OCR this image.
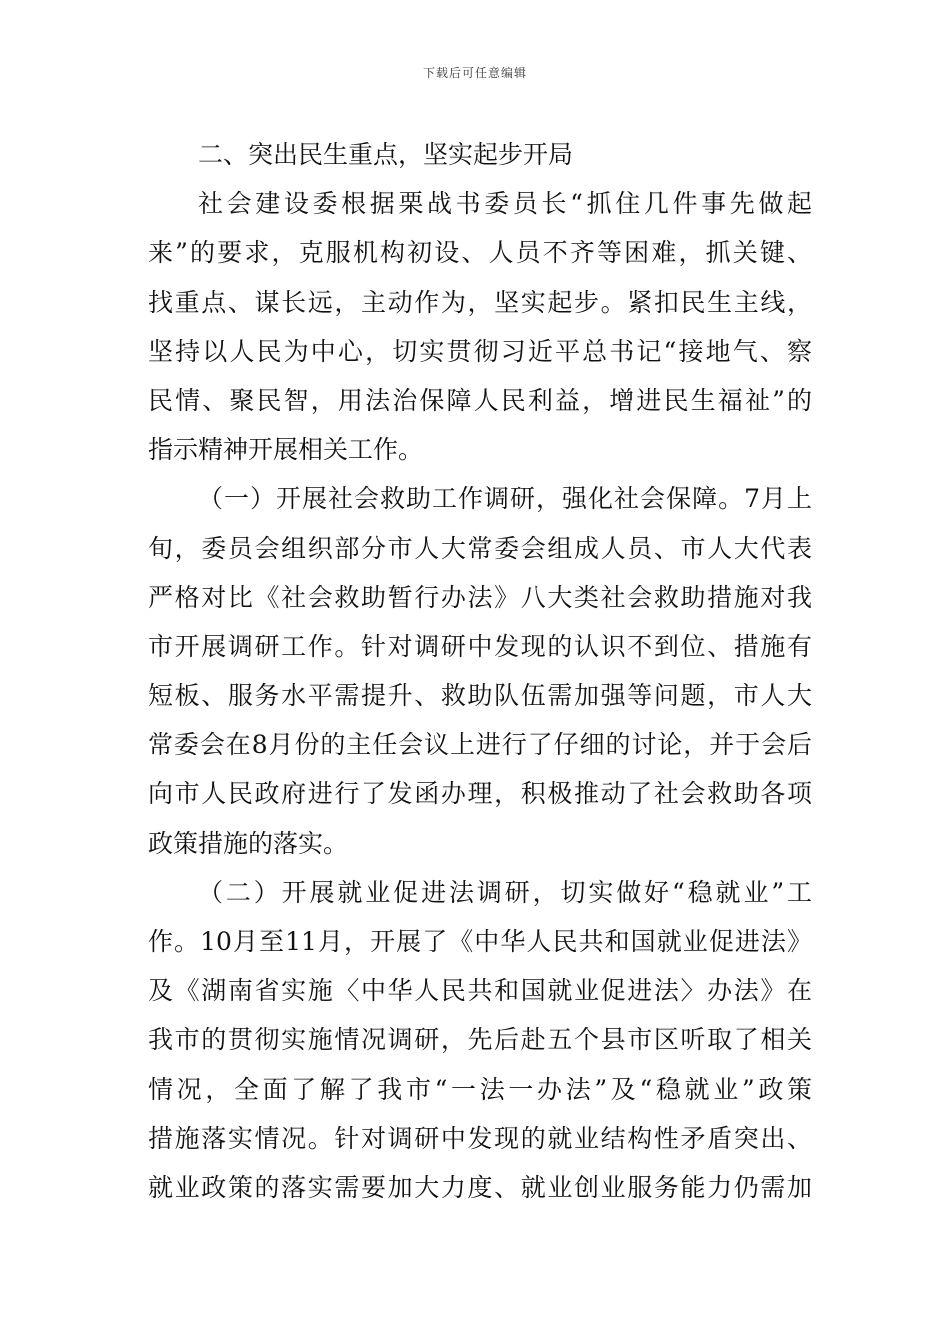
下载后可任意编辑
二、突出民生重点，坚实起步开局
社会建设委根据栗战书委员长“抓住几件事先做起
来”的要求，克服机构初设、人员不齐等困难，抓关键、
找重点、谋长远，主动作为，坚实起步。紧扣民生主线，
坚持以人民为中心，切实贯彻习近平总书记“接地气、察
民情、聚民智，用法治保障人民利益，增进民生福祉”的
指示精神开展相关工作。
（一）开展社会救助工作调研，强化社会保障。7月上
旬，委员会组织部分市人大常委会组成人员、市人大代表
严格对比《社会救助暂行办法》八大类社会救助措施对我
市开展调研工作。针对调研中发现的认识不到位、措施有
短板、服务水平需提升、救助队伍需加强等问题，市人大
常委会在8月份的主任会议上进行了仔细的讨论，并于会后
向市人民政府进行了发函办理，积极推动了社会救助各项
政策措施的落实。
（二）开展就业促进法调研，切实做好“稳就业”工
作。10月至11月，开展了《中华人民共和国就业促进法》
及《湖南省实施〈中华人民共和国就业促进法〉办法》在
我市的贯彻实施情况调研，先后赴五个县市区听取了相关
情况，全面了解了我市“一法一办法”及“稳就业”政策
措施落实情况。针对调研中发现的就业结构性矛盾突出、
就业政策的落实需要加大力度、就业创业服务能力仍需加
